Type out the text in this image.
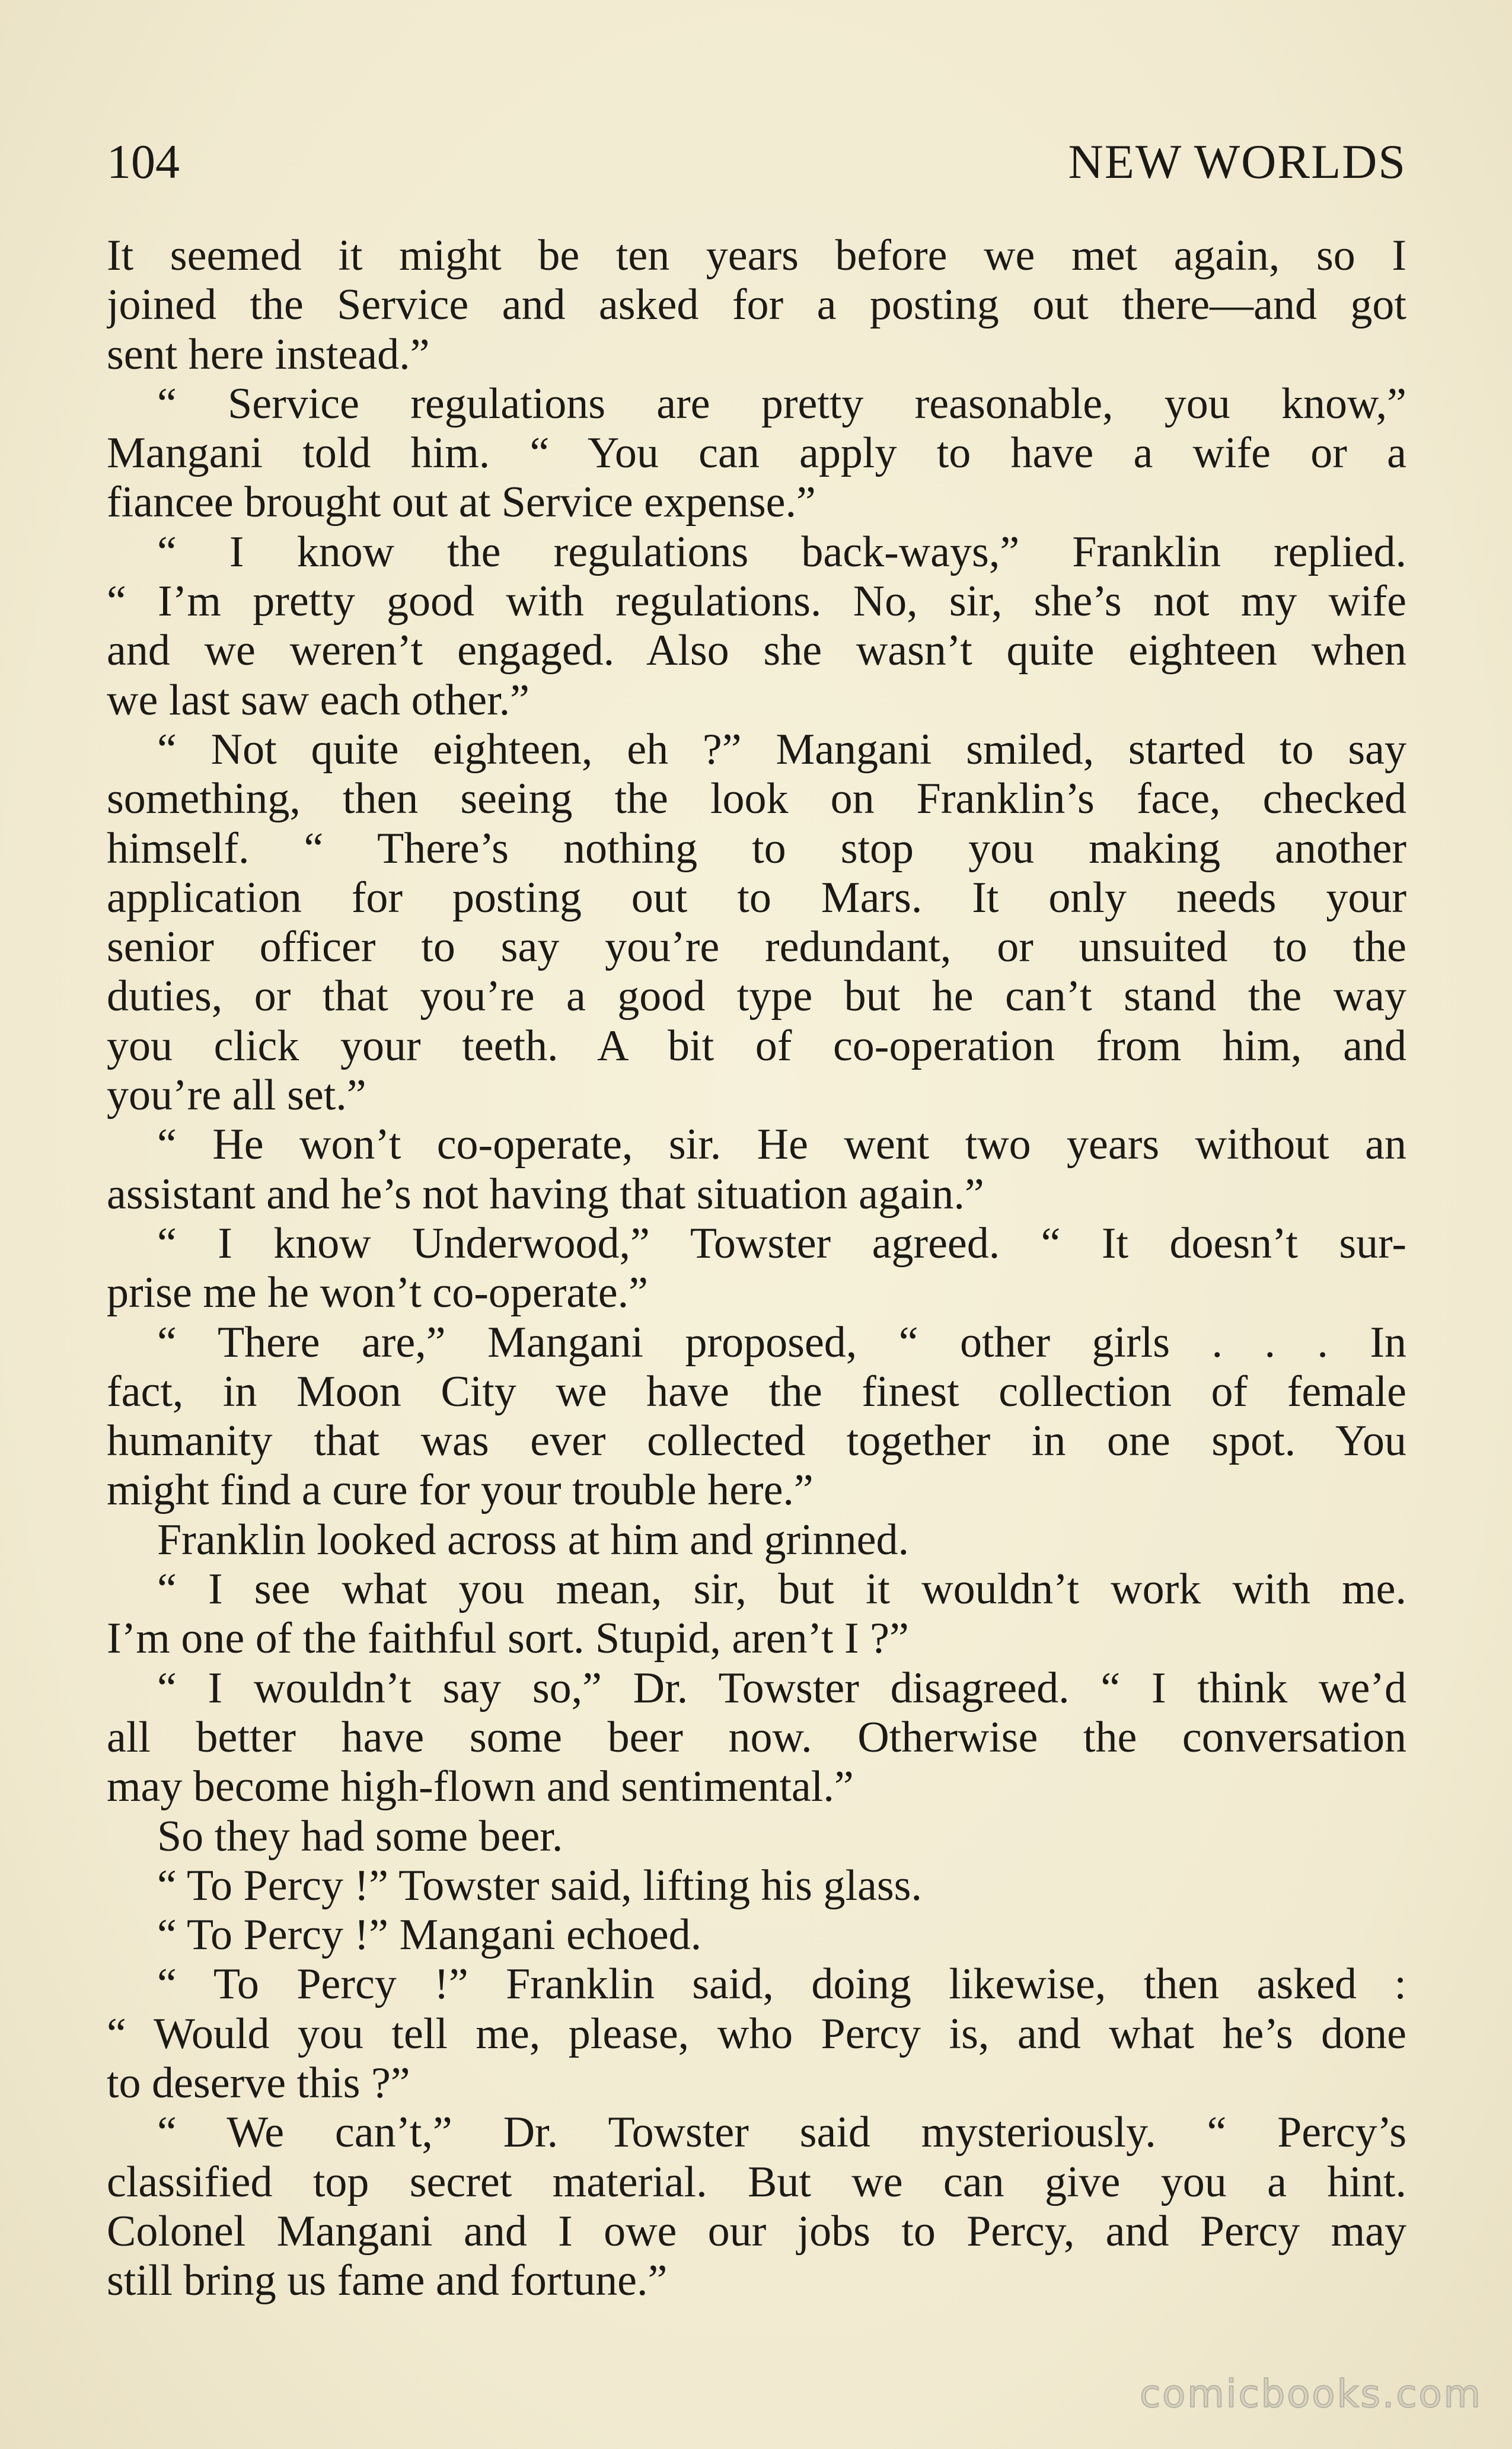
104	NEW WORLDS
It seemed it might be ten years before we met again, so I
joined the Service and asked for a posting out there—and got
sent here instead.”
“ Service regulations are pretty reasonable, you know,”
Mangani told him. “ You can apply to have a wife or a
fiancee brought out at Service expense.”
“ I know the regulations back-ways,” Franklin replied.
“ I’m pretty good with regulations. No, sir, she’s not my wife
and we weren’t engaged. Also she wasn’t quite eighteen when
we last saw each other.”
“ Not quite eighteen, eh ?” Mangani smiled, started to say
something, then seeing the look on Franklin’s face, checked
himself. “ There’s nothing to stop you making another
application for posting out to Mars. It only needs your
senior officer to say you’re redundant, or unsuited to the
duties, or that you’re a good type but he can’t stand the way
you click your teeth. A bit of co-operation from him, and
you’re all set.”
“ He won’t co-operate, sir. He went two years without an
assistant and he’s not having that situation again.”
“ I know Underwood,” Towster agreed. “ It doesn’t sur-
prise me he won’t co-operate.”
“ There are,” Mangani proposed, “ other girls . . . In
fact, in Moon City we have the finest collection of female
humanity that was ever collected together in one spot. You
might find a cure for your trouble here.”
Franklin looked across at him and grinned.
“ I see what you mean, sir, but it wouldn’t work with me.
I’m one of the faithful sort. Stupid, aren’t I ?”
“ I wouldn’t say so,” Dr. Towster disagreed. “ I think we’d
all better have some beer now. Otherwise the conversation
may become high-flown and sentimental.”
So they had some beer.
“ To Percy !” Towster said, lifting his glass.
“ To Percy !” Mangani echoed.
“ To Percy !” Franklin said, doing likewise, then asked :
“ Would you tell me, please, who Percy is, and what he’s done
to deserve this ?”
“ We can’t,” Dr. Towster said mysteriously. “ Percy’s
classified top secret material. But we can give you a hint.
Colonel Mangani and I owe our jobs to Percy, and Percy may
still bring us fame and fortune.”
comicbooks.com
